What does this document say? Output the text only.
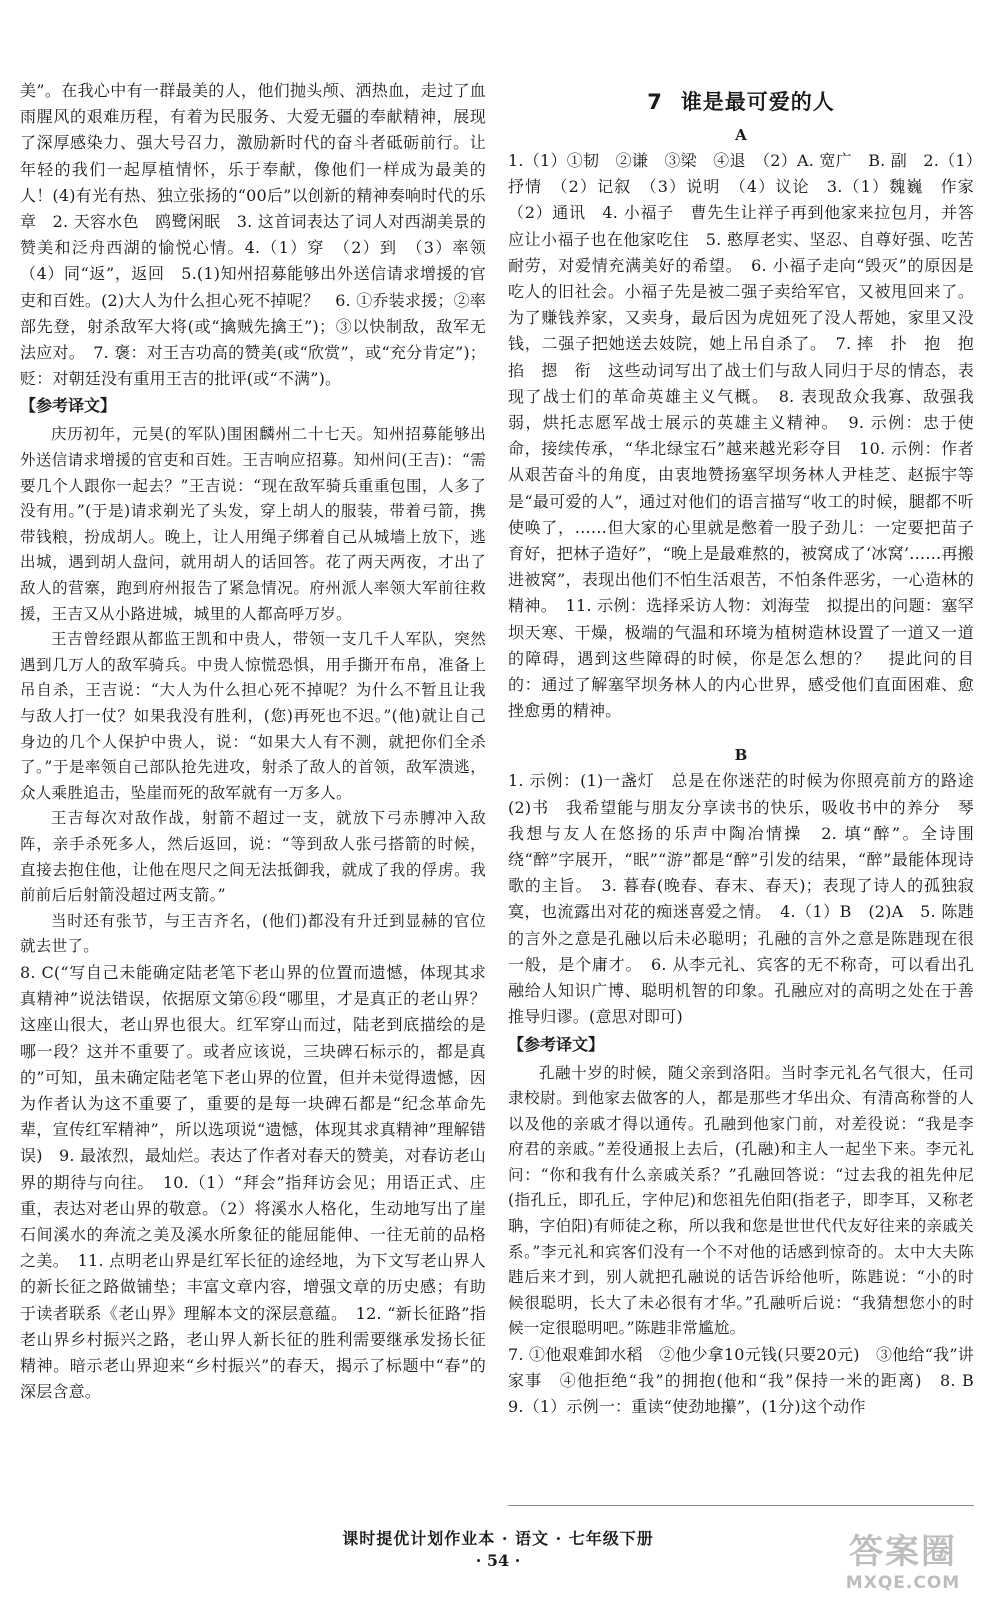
美”。在我心中有一群最美的人，他们抛头颅、洒热血，走过了血雨腥风的艰难历程，有着为民服务、大爱无疆的奉献精神，展现了深厚感染力、强大号召力，激励新时代的奋斗者砥砺前行。让年轻的我们一起厚植情怀，乐于奉献，像他们一样成为最美的人！(4)有光有热、独立张扬的“00后”以创新的精神奏响时代的乐章　2. 天容水色　鸥鹭闲眠　3. 这首词表达了词人对西湖美景的赞美和泛舟西湖的愉悦心情。4.（1）穿　（2）到　（3）率领　（4）同“返”，返回　5.(1)知州招募能够出外送信请求增援的官吏和百姓。(2)大人为什么担心死不掉呢？　6. ①乔装求援；②率部先登，射杀敌军大将(或“擒贼先擒王”)；③以快制敌，敌军无法应对。　7. 褒：对王吉功高的赞美(或“欣赏”，或“充分肯定”)；贬：对朝廷没有重用王吉的批评(或“不满”)。

【参考译文】

庆历初年，元昊(的军队)围困麟州二十七天。知州招募能够出外送信请求增援的官吏和百姓。王吉响应招募。知州问(王吉)：“需要几个人跟你一起去？”王吉说：“现在敌军骑兵重重包围，人多了没有用。”(于是)请求剃光了头发，穿上胡人的服装，带着弓箭，携带钱粮，扮成胡人。晚上，让人用绳子绑着自己从城墙上放下，逃出城，遇到胡人盘问，就用胡人的话回答。花了两天两夜，才出了敌人的营寨，跑到府州报告了紧急情况。府州派人率领大军前往救援，王吉又从小路进城，城里的人都高呼万岁。

王吉曾经跟从都监王凯和中贵人，带领一支几千人军队，突然遇到几万人的敌军骑兵。中贵人惊慌恐惧，用手撕开布帛，准备上吊自杀，王吉说：“大人为什么担心死不掉呢？为什么不暂且让我与敌人打一仗？如果我没有胜利，(您)再死也不迟。”(他)就让自己身边的几个人保护中贵人，说：“如果大人有不测，就把你们全杀了。”于是率领自己部队抢先进攻，射杀了敌人的首领，敌军溃逃，众人乘胜追击，坠崖而死的敌军就有一万多人。

王吉每次对敌作战，射箭不超过一支，就放下弓赤膊冲入敌阵，亲手杀死多人，然后返回，说：“等到敌人张弓搭箭的时候，直接去抱住他，让他在咫尺之间无法抵御我，就成了我的俘虏。我前前后后射箭没超过两支箭。”

当时还有张节，与王吉齐名，(他们)都没有升迁到显赫的官位就去世了。

8. C(“写自己未能确定陆老笔下老山界的位置而遗憾，体现其求真精神”说法错误，依据原文第⑥段“哪里，才是真正的老山界？这座山很大，老山界也很大。红军穿山而过，陆老到底描绘的是哪一段？这并不重要了。或者应该说，三块碑石标示的，都是真的”可知，虽未确定陆老笔下老山界的位置，但并未觉得遗憾，因为作者认为这不重要了，重要的是每一块碑石都是“纪念革命先辈，宣传红军精神”，所以选项说“遗憾，体现其求真精神”理解错误)　9. 最浓烈，最灿烂。表达了作者对春天的赞美，对春访老山界的期待与向往。　10.（1）“拜会”指拜访会见；用语正式、庄重，表达对老山界的敬意。（2）将溪水人格化，生动地写出了崖石间溪水的奔流之美及溪水所象征的能屈能伸、一往无前的品格之美。　11. 点明老山界是红军长征的途经地，为下文写老山界人的新长征之路做铺垫；丰富文章内容，增强文章的历史感；有助于读者联系《老山界》理解本文的深层意蕴。　12. “新长征路”指老山界乡村振兴之路，老山界人新长征的胜利需要继承发扬长征精神。暗示老山界迎来“乡村振兴”的春天，揭示了标题中“春”的深层含意。

7 谁是最可爱的人
A

1.（1）①韧　②谦　③梁　④退　（2）A. 宽广　B. 副　2.（1）抒情　（2）记叙　（3）说明　（4）议论　3.（1）魏巍　作家　（2）通讯　4. 小福子　曹先生让祥子再到他家来拉包月，并答应让小福子也在他家吃住　5. 憨厚老实、坚忍、自尊好强、吃苦耐劳，对爱情充满美好的希望。　6. 小福子走向“毁灭”的原因是吃人的旧社会。小福子先是被二强子卖给军官，又被甩回来了。为了赚钱养家，又卖身，最后因为虎妞死了没人帮她，家里又没钱，二强子把她送去妓院，她上吊自杀了。　7. 摔　扑　抱　抱　掐　摁　衔　这些动词写出了战士们与敌人同归于尽的情态，表现了战士们的革命英雄主义气概。　8. 表现敌众我寡、敌强我弱，烘托志愿军战士展示的英雄主义精神。　9. 示例：忠于使命，接续传承，“华北绿宝石”越来越光彩夺目　10. 示例：作者从艰苦奋斗的角度，由衷地赞扬塞罕坝务林人尹桂芝、赵振宇等是“最可爱的人”，通过对他们的语言描写“收工的时候，腿都不听使唤了，……但大家的心里就是憋着一股子劲儿：一定要把苗子育好，把林子造好”，“晚上是最难熬的，被窝成了‘冰窝’……再搬进被窝”，表现出他们不怕生活艰苦，不怕条件恶劣，一心造林的精神。　11. 示例：选择采访人物：刘海莹　拟提出的问题：塞罕坝天寒、干燥，极端的气温和环境为植树造林设置了一道又一道的障碍，遇到这些障碍的时候，你是怎么想的？　提此问的目的：通过了解塞罕坝务林人的内心世界，感受他们直面困难、愈挫愈勇的精神。

B

1. 示例：(1)一盏灯　总是在你迷茫的时候为你照亮前方的路途　(2)书　我希望能与朋友分享读书的快乐，吸收书中的养分　琴　我想与友人在悠扬的乐声中陶冶情操　2. 填“醉”。全诗围绕“醉”字展开，“眠”“游”都是“醉”引发的结果，“醉”最能体现诗歌的主旨。　3. 暮春(晚春、春末、春天)；表现了诗人的孤独寂寞，也流露出对花的痴迷喜爱之情。　4.（1）B　(2)A　5. 陈韪的言外之意是孔融以后未必聪明；孔融的言外之意是陈韪现在很一般，是个庸才。　6. 从李元礼、宾客的无不称奇，可以看出孔融给人知识广博、聪明机智的印象。孔融应对的高明之处在于善推导归谬。(意思对即可)

【参考译文】

孔融十岁的时候，随父亲到洛阳。当时李元礼名气很大，任司隶校尉。到他家去做客的人，都是那些才华出众、有清高称誉的人以及他的亲戚才得以通传。孔融到他家门前，对差役说：“我是李府君的亲戚。”差役通报上去后，(孔融)和主人一起坐下来。李元礼问：“你和我有什么亲戚关系？”孔融回答说：“过去我的祖先仲尼(指孔丘，即孔丘，字仲尼)和您祖先伯阳(指老子，即李耳，又称老聃，字伯阳)有师徒之称，所以我和您是世世代代友好往来的亲戚关系。”李元礼和宾客们没有一个不对他的话感到惊奇的。太中大夫陈韪后来才到，别人就把孔融说的话告诉给他听，陈韪说：“小的时候很聪明，长大了未必很有才华。”孔融听后说：“我猜想您小的时候一定很聪明吧。”陈韪非常尴尬。

7. ①他艰难卸水稻　②他少拿10元钱(只要20元)　③他给“我”讲家事　④他拒绝“我”的拥抱(他和“我”保持一米的距离)　8. B　9.（1）示例一：重读“使劲地攥”，(1分)这个动作

课时提优计划作业本 · 语文 · 七年级下册
· 54 ·	答案圈
MXQE.COM
